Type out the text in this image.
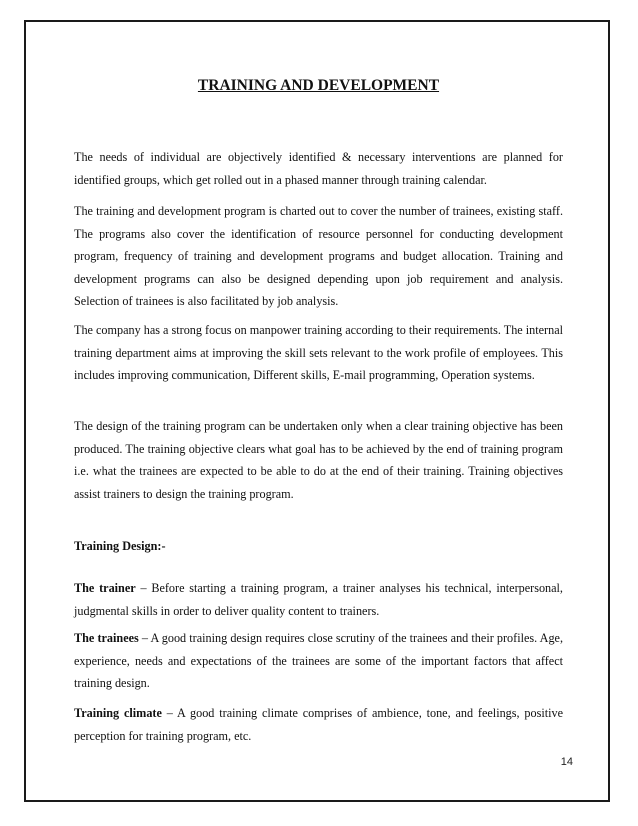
TRAINING AND DEVELOPMENT

The needs of individual are objectively identified & necessary interventions are planned for identified groups, which get rolled out in a phased manner through training calendar.

The training and development program is charted out to cover the number of trainees, existing staff. The programs also cover the identification of resource personnel for conducting development program, frequency of training and development programs and budget allocation. Training and development programs can also be designed depending upon job requirement and analysis. Selection of trainees is also facilitated by job analysis.

The company has a strong focus on manpower training according to their requirements. The internal training department aims at improving the skill sets relevant to the work profile of employees. This includes improving communication, Different skills, E-mail programming, Operation systems.

The design of the training program can be undertaken only when a clear training objective has been produced. The training objective clears what goal has to be achieved by the end of training program i.e. what the trainees are expected to be able to do at the end of their training. Training objectives assist trainers to design the training program.

Training Design:-

The trainer – Before starting a training program, a trainer analyses his technical, interpersonal, judgmental skills in order to deliver quality content to trainers.

The trainees – A good training design requires close scrutiny of the trainees and their profiles. Age, experience, needs and expectations of the trainees are some of the important factors that affect training design.

Training climate – A good training climate comprises of ambience, tone, and feelings, positive perception for training program, etc.

14
